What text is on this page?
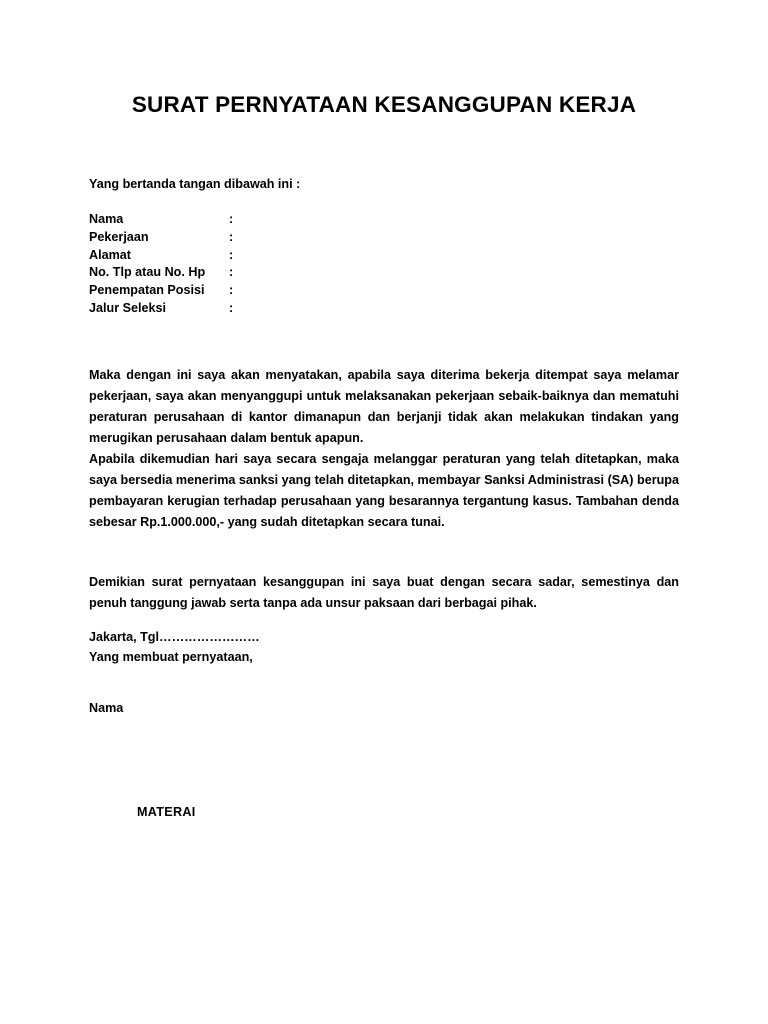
SURAT PERNYATAAN KESANGGUPAN KERJA
Yang bertanda tangan dibawah ini :
Nama	:	
Pekerjaan	:	
Alamat	:	
No. Tlp atau No. Hp	:	
Penempatan Posisi	:	
Jalur Seleksi	:	

Maka dengan ini saya akan menyatakan, apabila saya diterima bekerja ditempat saya melamar pekerjaan, saya akan menyanggupi untuk melaksanakan pekerjaan sebaik-baiknya dan mematuhi peraturan perusahaan di kantor dimanapun dan berjanji tidak akan melakukan tindakan yang merugikan perusahaan dalam bentuk apapun.

Apabila dikemudian hari saya secara sengaja melanggar peraturan yang telah ditetapkan, maka saya bersedia menerima sanksi yang telah ditetapkan, membayar Sanksi Administrasi (SA) berupa pembayaran kerugian terhadap perusahaan yang besarannya tergantung kasus. Tambahan denda sebesar Rp.1.000.000,- yang sudah ditetapkan secara tunai.

Demikian surat pernyataan kesanggupan ini saya buat dengan secara sadar, semestinya dan penuh tanggung jawab serta tanpa ada unsur paksaan dari berbagai pihak.

Jakarta, Tgl……………………
Yang membuat pernyataan,
Nama
MATERAI
